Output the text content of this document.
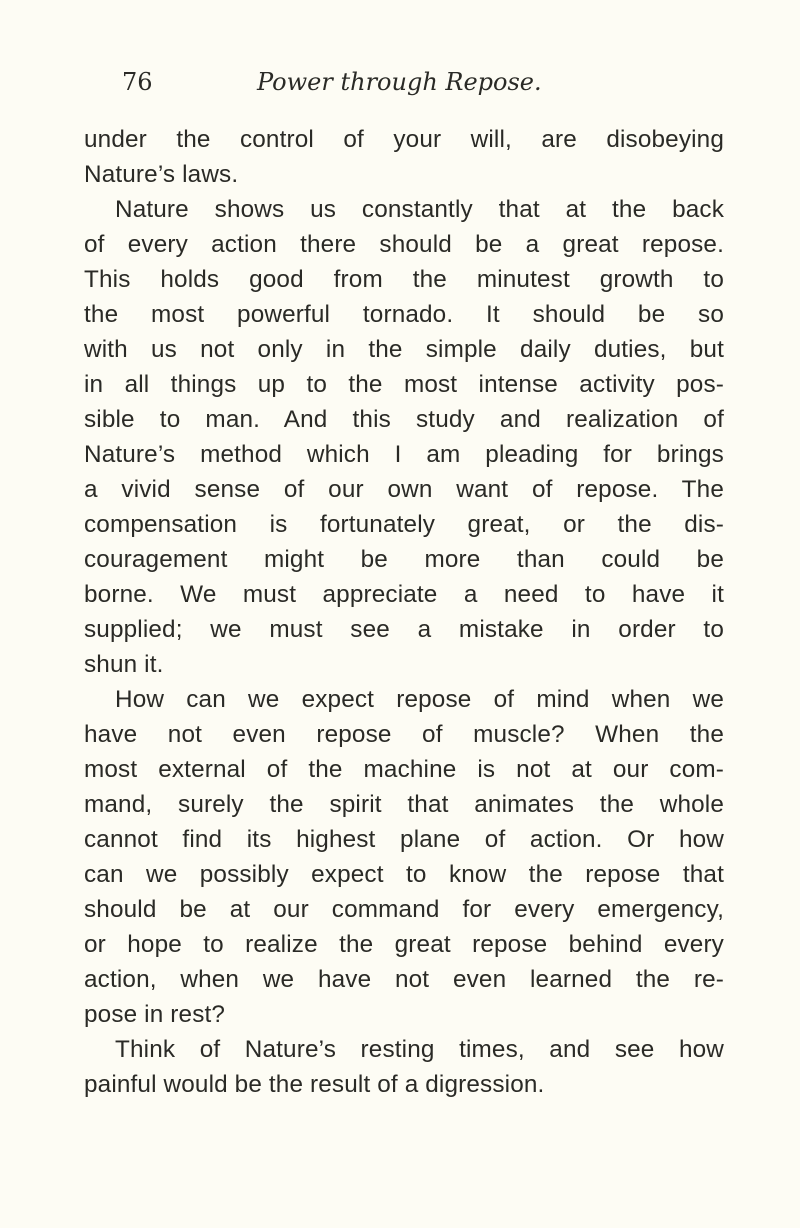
76	Power through Repose.
under the control of your will, are disobeying
Nature’s laws.
Nature shows us constantly that at the back
of every action there should be a great repose.
This holds good from the minutest growth to
the most powerful tornado. It should be so
with us not only in the simple daily duties, but
in all things up to the most intense activity pos-
sible to man. And this study and realization of
Nature’s method which I am pleading for brings
a vivid sense of our own want of repose. The
compensation is fortunately great, or the dis-
couragement might be more than could be
borne. We must appreciate a need to have it
supplied; we must see a mistake in order to
shun it.
How can we expect repose of mind when we
have not even repose of muscle? When the
most external of the machine is not at our com-
mand, surely the spirit that animates the whole
cannot find its highest plane of action. Or how
can we possibly expect to know the repose that
should be at our command for every emergency,
or hope to realize the great repose behind every
action, when we have not even learned the re-
pose in rest?
Think of Nature’s resting times, and see how
painful would be the result of a digression.
